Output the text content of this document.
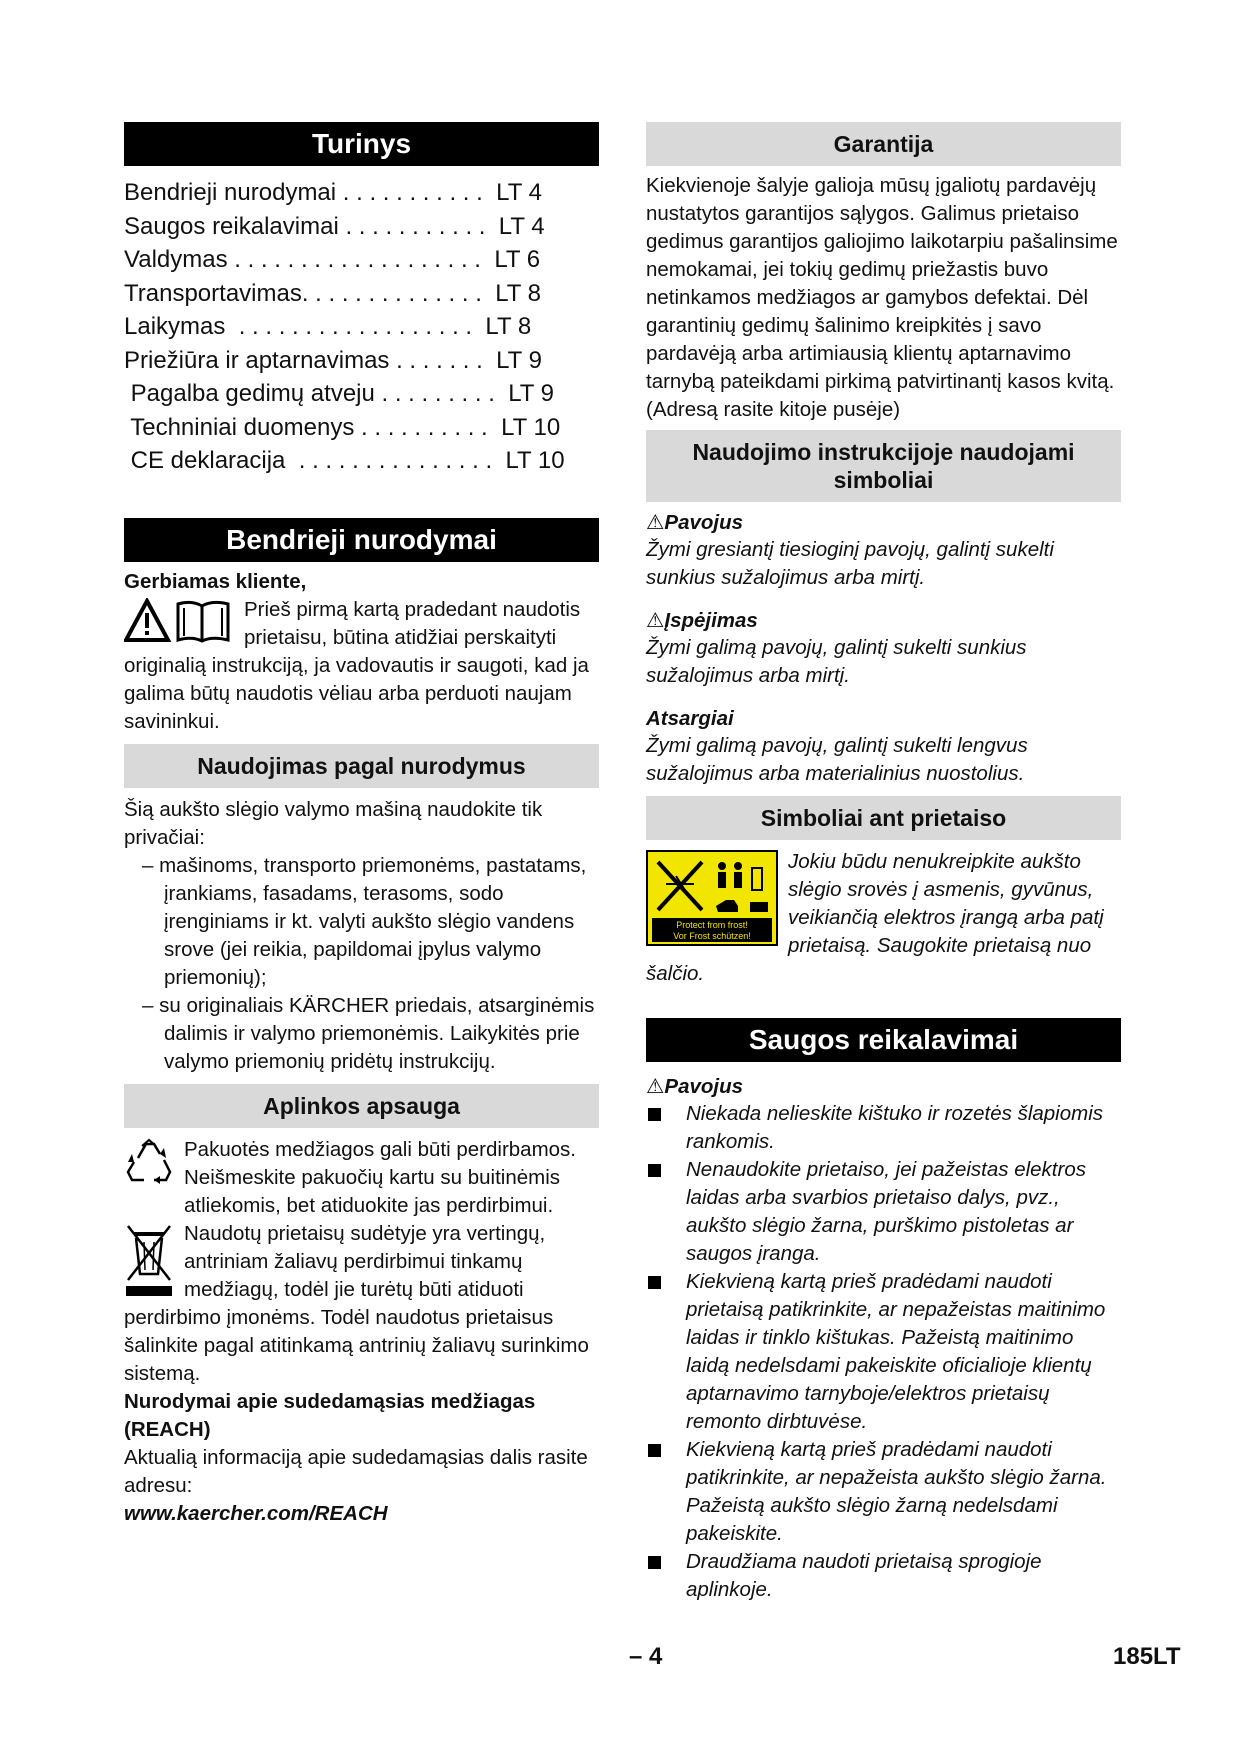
Turinys
Bendrieji nurodymai . . . . . . . . . . .  LT 4
Saugos reikalavimai . . . . . . . . . . .  LT 4
Valdymas . . . . . . . . . . . . . . . . . . .  LT 6
Transportavimas. . . . . . . . . . . . . .  LT 8
Laikymas  . . . . . . . . . . . . . . . . . .  LT 8
Priežiūra ir aptarnavimas . . . . . . .  LT 9
Pagalba gedimų atveju . . . . . . . . .  LT 9
Techniniai duomenys . . . . . . . . . .  LT 10
CE deklaracija  . . . . . . . . . . . . . . .  LT 10
Bendrieji nurodymai

Gerbiamas kliente,

Prieš pirmą kartą pradedant naudotis prietaisu, būtina atidžiai perskaityti originalią instrukciją, ja vadovautis ir saugoti, kad ja galima būtų naudotis vėliau arba perduoti naujam savininkui.

Naudojimas pagal nurodymus

Šią aukšto slėgio valymo mašiną naudokite tik privačiai:

– mašinoms, transporto priemonėms, pastatams, įrankiams, fasadams, terasoms, sodo įrenginiams ir kt. valyti aukšto slėgio vandens srove (jei reikia, papildomai įpylus valymo priemonių);

– su originaliais KÄRCHER priedais, atsarginėmis dalimis ir valymo priemonėmis. Laikykitės prie valymo priemonių pridėtų instrukcijų.

Aplinkos apsauga

Pakuotės medžiagos gali būti perdirbamos. Neišmeskite pakuočių kartu su buitinėmis atliekomis, bet atiduokite jas perdirbimui.

Naudotų prietaisų sudėtyje yra vertingų, antriniam žaliavų perdirbimui tinkamų medžiagų, todėl jie turėtų būti atiduoti perdirbimo įmonėms. Todėl naudotus prietaisus šalinkite pagal atitinkamą antrinių žaliavų surinkimo sistemą.

Nurodymai apie sudedamąsias medžiagas (REACH)

Aktualią informaciją apie sudedamąsias dalis rasite adresu:

www.kaercher.com/REACH

Garantija

Kiekvienoje šalyje galioja mūsų įgaliotų pardavėjų nustatytos garantijos sąlygos. Galimus prietaiso gedimus garantijos galiojimo laikotarpiu pašalinsime nemokamai, jei tokių gedimų priežastis buvo netinkamos medžiagos ar gamybos defektai. Dėl garantinių gedimų šalinimo kreipkitės į savo pardavėją arba artimiausią klientų aptarnavimo tarnybą pateikdami pirkimą patvirtinantį kasos kvitą.

(Adresą rasite kitoje pusėje)

Naudojimo instrukcijoje naudojami simboliai
⚠Pavojus

Žymi gresiantį tiesioginį pavojų, galintį sukelti sunkius sužalojimus arba mirtį.

⚠Įspėjimas

Žymi galimą pavojų, galintį sukelti sunkius sužalojimus arba mirtį.

Atsargiai

Žymi galimą pavojų, galintį sukelti lengvus sužalojimus arba materialinius nuostolius.

Simboliai ant prietaiso
Protect from frost!
Vor Frost schützen!

Jokiu būdu nenukreipkite aukšto slėgio srovės į asmenis, gyvūnus, veikiančią elektros įrangą arba patį prietaisą. Saugokite prietaisą nuo šalčio.

Saugos reikalavimai
⚠Pavojus
Niekada nelieskite kištuko ir rozetės šlapiomis rankomis.
Nenaudokite prietaiso, jei pažeistas elektros laidas arba svarbios prietaiso dalys, pvz., aukšto slėgio žarna, purškimo pistoletas ar saugos įranga.
Kiekvieną kartą prieš pradėdami naudoti prietaisą patikrinkite, ar nepažeistas maitinimo laidas ir tinklo kištukas. Pažeistą maitinimo laidą nedelsdami pakeiskite oficialioje klientų aptarnavimo tarnyboje/elektros prietaisų remonto dirbtuvėse.
Kiekvieną kartą prieš pradėdami naudoti patikrinkite, ar nepažeista aukšto slėgio žarna. Pažeistą aukšto slėgio žarną nedelsdami pakeiskite.
Draudžiama naudoti prietaisą sprogioje aplinkoje.
– 4	185LT
